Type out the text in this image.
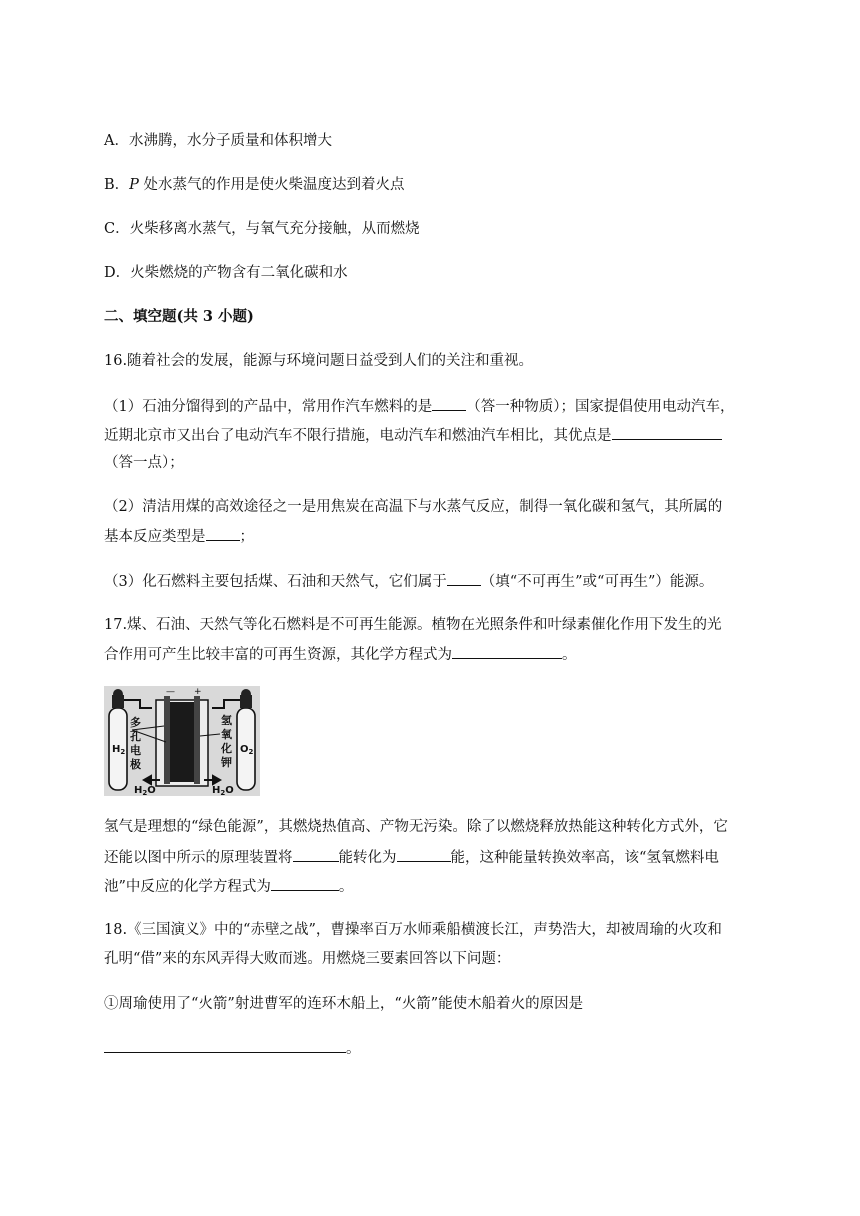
A．水沸腾，水分子质量和体积增大
B．P 处水蒸气的作用是使火柴温度达到着火点
C．火柴移离水蒸气，与氧气充分接触，从而燃烧
D．火柴燃烧的产物含有二氧化碳和水
二、填空题(共 3 小题)
16.随着社会的发展，能源与环境问题日益受到人们的关注和重视。
（1）石油分馏得到的产品中，常用作汽车燃料的是 （答一种物质）；国家提倡使用电动汽车，
近期北京市又出台了电动汽车不限行措施，电动汽车和燃油汽车相比，其优点是
（答一点）；
（2）清洁用煤的高效途径之一是用焦炭在高温下与水蒸气反应，制得一氧化碳和氢气，其所属的
基本反应类型是 ；
（3）化石燃料主要包括煤、石油和天然气，它们属于 （填“不可再生”或“可再生”）能源。
17.煤、石油、天然气等化石燃料是不可再生能源。植物在光照条件和叶绿素催化作用下发生的光
合作用可产生比较丰富的可再生资源，其化学方程式为	。
多
孔
电
极
氢
氧
化
钾
$H_2$	$O_2$
$H_2O$	$H_2O$
— +
氢气是理想的“绿色能源”，其燃烧热值高、产物无污染。除了以燃烧释放热能这种转化方式外，它
还能以图中所示的原理装置将	能转化为	能，这种能量转换效率高，该“氢氧燃料电
池”中反应的化学方程式为	。
18.《三国演义》中的“赤壁之战”，曹操率百万水师乘船横渡长江，声势浩大，却被周瑜的火攻和
孔明“借”来的东风弄得大败而逃。用燃烧三要素回答以下问题：
①周瑜使用了“火箭”射进曹军的连环木船上，“火箭”能使木船着火的原因是
。
